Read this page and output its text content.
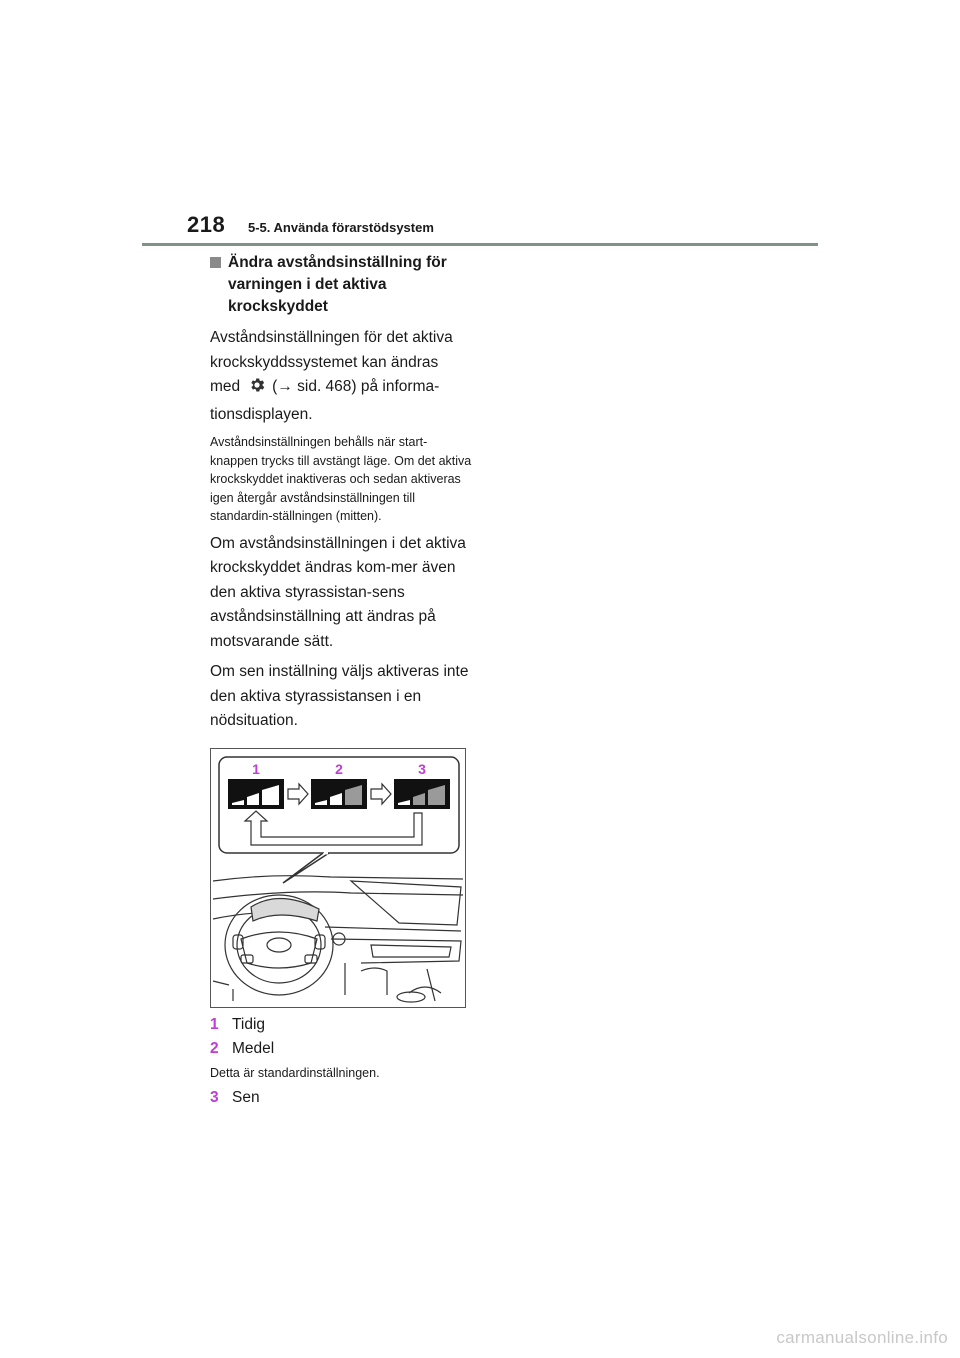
218 5-5. Använda förarstödsystem
Ändra avståndsinställning för varningen i det aktiva krockskyddet

Avståndsinställningen för det aktiva krockskyddssystemet kan ändras med (→ sid. 468) på informa-tionsdisplayen.

Avståndsinställningen behålls när start-knappen trycks till avstängt läge. Om det aktiva krockskyddet inaktiveras och sedan aktiveras igen återgår avståndsinställningen till standardin-ställningen (mitten).

Om avståndsinställningen i det aktiva krockskyddet ändras kom-mer även den aktiva styrassistan-sens avståndsinställning att ändras på motsvarande sätt.

Om sen inställning väljs aktiveras inte den aktiva styrassistansen i en nödsituation.

1	2	3
1 Tidig
2 Medel
Detta är standardinställningen.
3 Sen
carmanualsonline.info
